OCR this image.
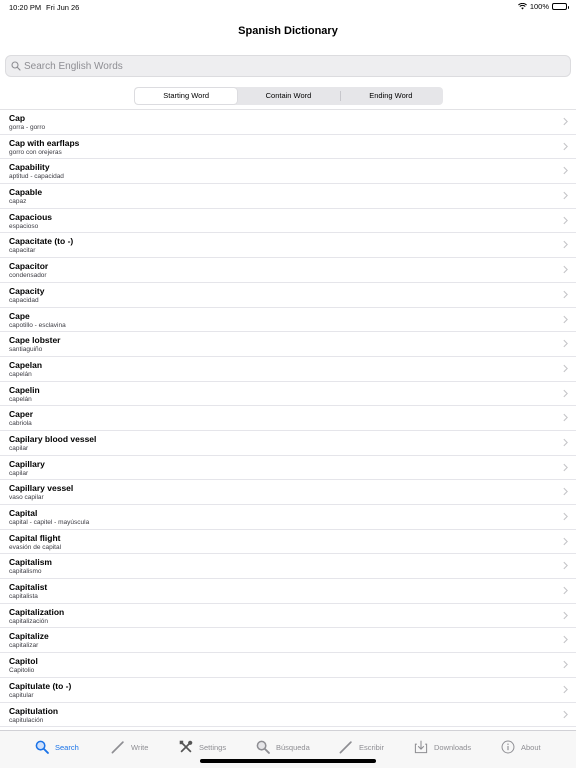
10:20 PM Fri Jun 26	100%
Spanish Dictionary
Search English Words
Starting Word	Contain Word	Ending Word
Cap
gorra - gorro
Cap with earflaps
gorro con orejeras
Capability
aptitud - capacidad
Capable
capaz
Capacious
espacioso
Capacitate (to -)
capacitar
Capacitor
condensador
Capacity
capacidad
Cape
capotillo - esclavina
Cape lobster
santiaguiño
Capelan
capelán
Capelin
capelán
Caper
cabriola
Capilary blood vessel
capilar
Capillary
capilar
Capillary vessel
vaso capilar
Capital
capital - capitel - mayúscula
Capital flight
evasión de capital
Capitalism
capitalismo
Capitalist
capitalista
Capitalization
capitalización
Capitalize
capitalizar
Capitol
Capitolio
Capitulate (to -)
capitular
Capitulation
capitulación
Search	Write	Settings	Búsqueda	Escribir	Downloads	About
